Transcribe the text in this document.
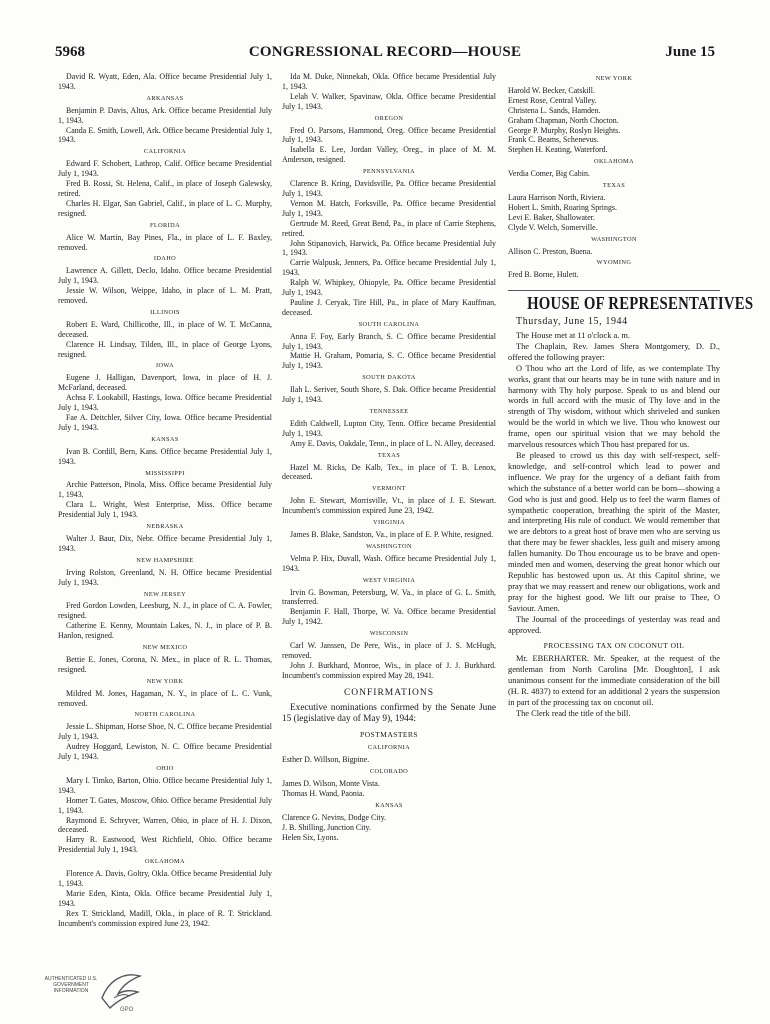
CONGRESSIONAL RECORD—HOUSE
5968	June 15
David R. Wyatt, Eden, Ala. Office became Presidential July 1, 1943.
ARKANSAS
Benjamin P. Davis, Altus, Ark. Office became Presidential July 1, 1943.
Canda E. Smith, Lowell, Ark. Office became Presidential July 1, 1943.
CALIFORNIA
Edward F. Schobert, Lathrop, Calif. Office became Presidential July 1, 1943.
Fred B. Rossi, St. Helena, Calif., in place of Joseph Galewsky, retired.
Charles H. Elgar, San Gabriel, Calif., in place of L. C. Murphy, resigned.
FLORIDA
Alice W. Martin, Bay Pines, Fla., in place of L. F. Baxley, removed.
IDAHO
Lawrence A. Gillett, Declo, Idaho. Office became Presidential July 1, 1943.
Jessie W. Wilson, Weippe, Idaho, in place of L. M. Pratt, removed.
ILLINOIS
Robert E. Ward, Chillicothe, Ill., in place of W. T. McCanna, deceased.
Clarence H. Lindsay, Tilden, Ill., in place of George Lyons, resigned.
IOWA
Eugene J. Halligan, Davenport, Iowa, in place of H. J. McFarland, deceased.
Achsa F. Lookabill, Hastings, Iowa. Office became Presidential July 1, 1943.
Fae A. Deitchler, Silver City, Iowa. Office became Presidential July 1, 1943.
KANSAS
Ivan B. Cordill, Bern, Kans. Office became Presidential July 1, 1943.
MISSISSIPPI
Archie Patterson, Pinola, Miss. Office became Presidential July 1, 1943.
Clara L. Wright, West Enterprise, Miss. Office became Presidential July 1, 1943.
NEBRASKA
Walter J. Baur, Dix, Nebr. Office became Presidential July 1, 1943.
NEW HAMPSHIRE
Irving Rolston, Greenland, N. H. Office became Presidential July 1, 1943.
NEW JERSEY
Fred Gordon Lowden, Leesburg, N. J., in place of C. A. Fowler, resigned.
Catherine E. Kenny, Mountain Lakes, N. J., in place of P. B. Hanlon, resigned.
NEW MEXICO
Bettie E. Jones, Corona, N. Mex., in place of R. L. Thomas, resigned.
NEW YORK
Mildred M. Jones, Hagaman, N. Y., in place of L. C. Vunk, removed.
NORTH CAROLINA
Jessie L. Shipman, Horse Shoe, N. C. Office became Presidential July 1, 1943.
Audrey Hoggard, Lewiston, N. C. Office became Presidential July 1, 1943.
OHIO
Mary I. Timko, Barton, Ohio. Office became Presidential July 1, 1943.
Homer T. Gates, Moscow, Ohio. Office became Presidential July 1, 1943.
Raymond E. Schryver, Warren, Ohio, in place of H. J. Dixon, deceased.
Harry R. Eastwood, West Richfield, Ohio. Office became Presidential July 1, 1943.
OKLAHOMA
Florence A. Davis, Goltry, Okla. Office became Presidential July 1, 1943.
Marie Eden, Kinta, Okla. Office became Presidential July 1, 1943.
Rex T. Strickland, Madill, Okla., in place of R. T. Strickland. Incumbent's commission expired June 23, 1942.
Ida M. Duke, Ninnekah, Okla. Office became Presidential July 1, 1943.
Lelah V. Walker, Spavinaw, Okla. Office became Presidential July 1, 1943.
OREGON
Fred O. Parsons, Hammond, Oreg. Office became Presidential July 1, 1943.
Isabella E. Lee, Jordan Valley, Oreg., in place of M. M. Anderson, resigned.
PENNSYLVANIA
Clarence B. Kring, Davidsville, Pa. Office became Presidential July 1, 1943.
Vernon M. Hatch, Forksville, Pa. Office became Presidential July 1, 1943.
Gertrude M. Reed, Great Bend, Pa., in place of Carrie Stephens, retired.
John Stipanovich, Harwick, Pa. Office became Presidential July 1, 1943.
Carrie Walpusk, Jenners, Pa. Office became Presidential July 1, 1943.
Ralph W. Whipkey, Ohiopyle, Pa. Office became Presidential July 1, 1943.
Pauline J. Ceryak, Tire Hill, Pa., in place of Mary Kauffman, deceased.
SOUTH CAROLINA
Anna F. Foy, Early Branch, S. C. Office became Presidential July 1, 1943.
Mattie H. Graham, Pomaria, S. C. Office became Presidential July 1, 1943.
SOUTH DAKOTA
Ilah L. Seriver, South Shore, S. Dak. Office became Presidential July 1, 1943.
TENNESSEE
Edith Caldwell, Lupton City, Tenn. Office became Presidential July 1, 1943.
Amy E. Davis, Oakdale, Tenn., in place of L. N. Alley, deceased.
TEXAS
Hazel M. Ricks, De Kalb, Tex., in place of T. B. Lenox, deceased.
VERMONT
John E. Stewart, Morrisville, Vt., in place of J. E. Stewart. Incumbent's commission expired June 23, 1942.
VIRGINIA
James B. Blake, Sandston, Va., in place of E. P. White, resigned.
WASHINGTON
Velma P. Hix, Duvall, Wash. Office became Presidential July 1, 1943.
WEST VIRGINIA
Irvin G. Bowman, Petersburg, W. Va., in place of G. L. Smith, transferred.
Benjamin F. Hall, Thorpe, W. Va. Office became Presidential July 1, 1942.
WISCONSIN
Carl W. Janssen, De Pere, Wis., in place of J. S. McHugh, removed.
John J. Burkhard, Monroe, Wis., in place of J. J. Burkhard. Incumbent's commission expired May 28, 1941.
CONFIRMATIONS
Executive nominations confirmed by the Senate June 15 (legislative day of May 9), 1944:
POSTMASTERS
CALIFORNIA
Esther D. Willson, Bigpine.
COLORADO
James D. Wilson, Monte Vista.
Thomas H. Wand, Paonia.
KANSAS
Clarence G. Nevins, Dodge City.
J. B. Shilling, Junction City.
Helen Six, Lyons.
NEW YORK
Harold W. Becker, Catskill.
Ernest Rose, Central Valley.
Christena L. Sands, Hamden.
Graham Chapman, North Chocton.
George P. Murphy, Roslyn Heights.
Frank C. Beams, Schenevus.
Stephen H. Keating, Waterford.
OKLAHOMA
Verdia Comer, Big Cabin.
TEXAS
Laura Harrison North, Riviera.
Hobert L. Smith, Roaring Springs.
Levi E. Baker, Shallowater.
Clyde V. Welch, Somerville.
WASHINGTON
Allison C. Preston, Buena.
WYOMING
Fred B. Borne, Hulett.
HOUSE OF REPRESENTATIVES
Thursday, June 15, 1944
The House met at 11 o'clock a. m.
The Chaplain, Rev. James Shera Montgomery, D. D., offered the following prayer:
O Thou who art the Lord of life, as we contemplate Thy works, grant that our hearts may be in tune with nature and in harmony with Thy holy purpose. Speak to us and blend our words in full accord with the music of Thy love and in the strength of Thy wisdom, without which shriveled and sunken would be the world in which we live. Thou who knowest our frame, open our spiritual vision that we may behold the marvelous resources which Thou hast prepared for us.
Be pleased to crowd us this day with self-respect, self-knowledge, and self-control which lead to power and influence. We pray for the urgency of a defiant faith from which the substance of a better world can be born—showing a God who is just and good. Help us to feel the warm flames of sympathetic cooperation, breathing the spirit of the Master, and interpreting His rule of conduct. We would remember that we are debtors to a great host of brave men who are serving us that there may be fewer shackles, less guilt and misery among fallen humanity. Do Thou encourage us to be brave and open-minded men and women, deserving the great honor which our Republic has bestowed upon us. At this Capitol shrine, we pray that we may reassert and renew our obligations, work and pray for the highest good. We lift our praise to Thee, O Saviour. Amen.
The Journal of the proceedings of yesterday was read and approved.
PROCESSING TAX ON COCONUT OIL
Mr. EBERHARTER. Mr. Speaker, at the request of the gentleman from North Carolina [Mr. Doughton], I ask unanimous consent for the immediate consideration of the bill (H. R. 4837) to extend for an additional 2 years the suspension in part of the processing tax on coconut oil.
The Clerk read the title of the bill.
AUTHENTICATED U.S. GOVERNMENT INFORMATION
GPO
